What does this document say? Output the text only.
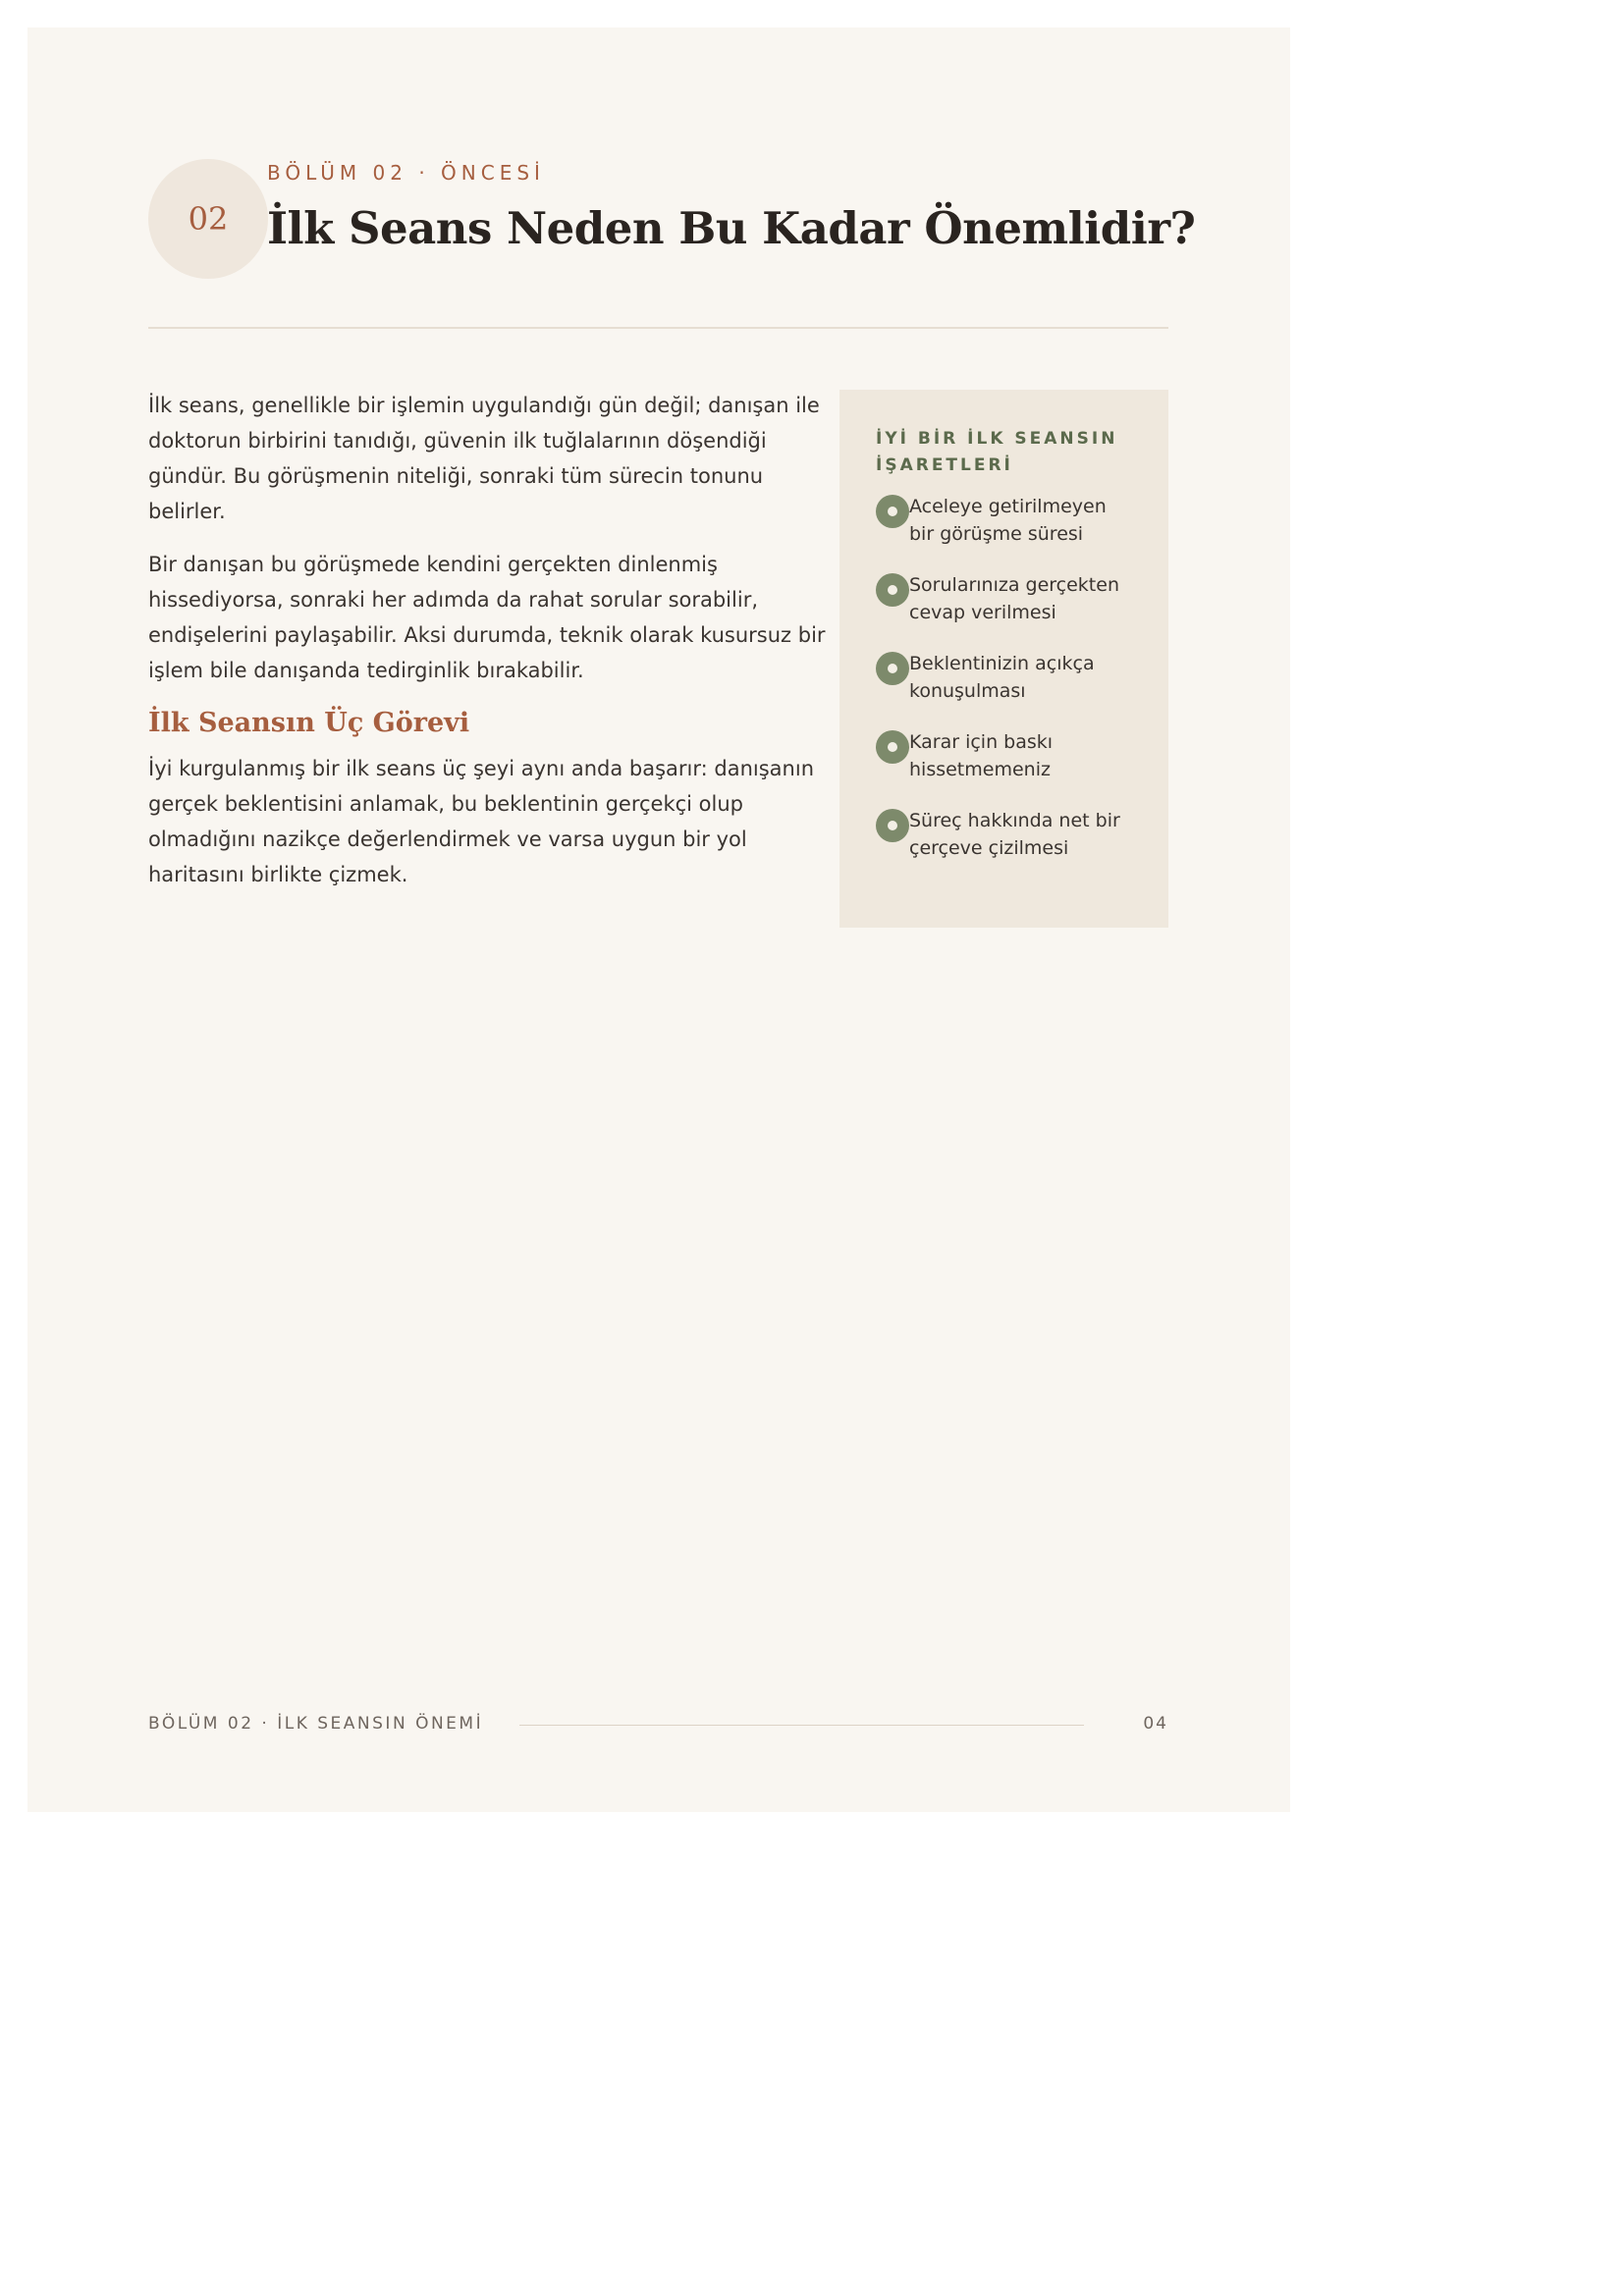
02
BÖLÜM 02 · ÖNCESİ
İlk Seans Neden Bu Kadar Önemlidir?

İlk seans, genellikle bir işlemin uygulandığı gün değil; danışan ile doktorun birbirini tanıdığı, güvenin ilk tuğlalarının döşendiği gündür. Bu görüşmenin niteliği, sonraki tüm sürecin tonunu belirler.

Bir danışan bu görüşmede kendini gerçekten dinlenmiş hissediyorsa, sonraki her adımda da rahat sorular sorabilir, endişelerini paylaşabilir. Aksi durumda, teknik olarak kusursuz bir işlem bile danışanda tedirginlik bırakabilir.

İlk Seansın Üç Görevi

İyi kurgulanmış bir ilk seans üç şeyi aynı anda başarır: danışanın gerçek beklentisini anlamak, bu beklentinin gerçekçi olup olmadığını nazikçe değerlendirmek ve varsa uygun bir yol haritasını birlikte çizmek.

İYİ BİR İLK SEANSIN İŞARETLERİ
Aceleye getirilmeyen bir görüşme süresi
Sorularınıza gerçekten cevap verilmesi
Beklentinizin açıkça konuşulması
Karar için baskı hissetmemeniz
Süreç hakkında net bir çerçeve çizilmesi
BÖLÜM 02 · İLK SEANSIN ÖNEMİ	04
